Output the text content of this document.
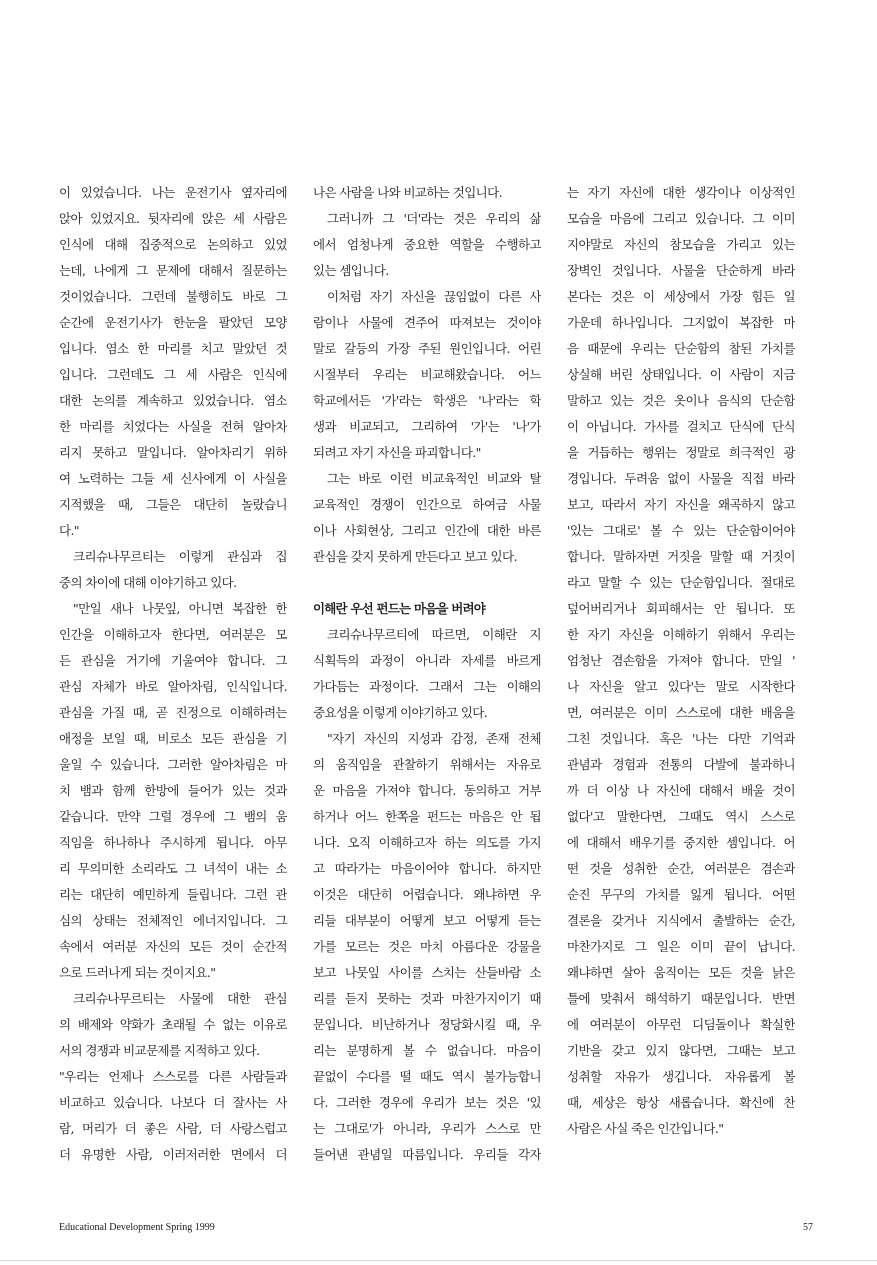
이 있었습니다. 나는 운전기사 옆자리에
앉아 있었지요. 뒷자리에 앉은 세 사람은
인식에 대해 집중적으로 논의하고 있었
는데, 나에게 그 문제에 대해서 질문하는
것이었습니다. 그런데 불행히도 바로 그
순간에 운전기사가 한눈을 팔았던 모양
입니다. 염소 한 마리를 치고 말았던 것
입니다. 그런데도 그 세 사람은 인식에
대한 논의를 계속하고 있었습니다. 염소
한 마리를 치었다는 사실을 전혀 알아차
리지 못하고 말입니다. 알아차리기 위하
여 노력하는 그들 세 신사에게 이 사실을
지적했을 때, 그들은 대단히 놀랐습니
다."
크리슈나무르티는 이렇게 관심과 집
중의 차이에 대해 이야기하고 있다.
"만일 새나 나뭇잎, 아니면 복잡한 한
인간을 이해하고자 한다면, 여러분은 모
든 관심을 거기에 기울여야 합니다. 그
관심 자체가 바로 알아차림, 인식입니다.
관심을 가질 때, 곧 진정으로 이해하려는
애정을 보일 때, 비로소 모든 관심을 기
울일 수 있습니다. 그러한 알아차림은 마
치 뱀과 함께 한방에 들어가 있는 것과
같습니다. 만약 그럴 경우에 그 뱀의 움
직임을 하나하나 주시하게 됩니다. 아무
리 무의미한 소리라도 그 녀석이 내는 소
리는 대단히 예민하게 들립니다. 그런 관
심의 상태는 전체적인 에너지입니다. 그
속에서 여러분 자신의 모든 것이 순간적
으로 드러나게 되는 것이지요."
크리슈나무르티는 사물에 대한 관심
의 배제와 약화가 초래될 수 없는 이유로
서의 경쟁과 비교문제를 지적하고 있다.
"우리는 언제나 스스로를 다른 사람들과
비교하고 있습니다. 나보다 더 잘사는 사
람, 머리가 더 좋은 사람, 더 사랑스럽고
더 유명한 사람, 이러저러한 면에서 더
나은 사람을 나와 비교하는 것입니다.
그러니까 그 '더'라는 것은 우리의 삶
에서 엄청나게 중요한 역할을 수행하고
있는 셈입니다.
이처럼 자기 자신을 끊임없이 다른 사
람이나 사물에 견주어 따져보는 것이야
말로 갈등의 가장 주된 원인입니다. 어린
시절부터 우리는 비교해왔습니다. 어느
학교에서든 '가'라는 학생은 '나'라는 학
생과 비교되고, 그리하여 '가'는 '나'가
되려고 자기 자신을 파괴합니다."
그는 바로 이런 비교육적인 비교와 탈
교육적인 경쟁이 인간으로 하여금 사물
이나 사회현상, 그리고 인간에 대한 바른
관심을 갖지 못하게 만든다고 보고 있다.
이해란 우선 펀드는 마음을 버려야
크리슈나무르티에 따르면, 이해란 지
식획득의 과정이 아니라 자세를 바르게
가다듬는 과정이다. 그래서 그는 이해의
중요성을 이렇게 이야기하고 있다.
"자기 자신의 지성과 감정, 존재 전체
의 움직임을 관찰하기 위해서는 자유로
운 마음을 가져야 합니다. 동의하고 거부
하거나 어느 한쪽을 펀드는 마음은 안 됩
니다. 오직 이해하고자 하는 의도를 가지
고 따라가는 마음이어야 합니다. 하지만
이것은 대단히 어렵습니다. 왜냐하면 우
리들 대부분이 어떻게 보고 어떻게 듣는
가를 모르는 것은 마치 아름다운 강물을
보고 나뭇잎 사이를 스치는 산들바람 소
리를 듣지 못하는 것과 마찬가지이기 때
문입니다. 비난하거나 정당화시킬 때, 우
리는 분명하게 볼 수 없습니다. 마음이
끝없이 수다를 떨 때도 역시 불가능합니
다. 그러한 경우에 우리가 보는 것은 '있
는 그대로'가 아니라, 우리가 스스로 만
들어낸 관념일 따름입니다. 우리들 각자
는 자기 자신에 대한 생각이나 이상적인
모습을 마음에 그리고 있습니다. 그 이미
지야말로 자신의 참모습을 가리고 있는
장벽인 것입니다. 사물을 단순하게 바라
본다는 것은 이 세상에서 가장 힘든 일
가운데 하나입니다. 그지없이 복잡한 마
음 때문에 우리는 단순함의 참된 가치를
상실해 버린 상태입니다. 이 사람이 지금
말하고 있는 것은 옷이나 음식의 단순함
이 아닙니다. 가사를 걸치고 단식에 단식
을 거듭하는 행위는 정말로 희극적인 광
경입니다. 두려움 없이 사물을 직접 바라
보고, 따라서 자기 자신을 왜곡하지 않고
'있는 그대로' 볼 수 있는 단순함이어야
합니다. 말하자면 거짓을 말할 때 거짓이
라고 말할 수 있는 단순함입니다. 절대로
덮어버리거나 회피해서는 안 됩니다. 또
한 자기 자신을 이해하기 위해서 우리는
엄청난 겸손함을 가져야 합니다. 만일 '
나 자신을 알고 있다'는 말로 시작한다
면, 여러분은 이미 스스로에 대한 배움을
그친 것입니다. 혹은 '나는 다만 기억과
관념과 경험과 전통의 다발에 불과하니
까 더 이상 나 자신에 대해서 배울 것이
없다'고 말한다면, 그때도 역시 스스로
에 대해서 배우기를 중지한 셈입니다. 어
떤 것을 성취한 순간, 여러분은 겸손과
순진 무구의 가치를 잃게 됩니다. 어떤
결론을 갖거나 지식에서 출발하는 순간,
마찬가지로 그 일은 이미 끝이 납니다.
왜냐하면 살아 움직이는 모든 것을 낡은
틀에 맞춰서 해석하기 때문입니다. 반면
에 여러분이 아무런 디딤돌이나 확실한
기반을 갖고 있지 않다면, 그때는 보고
성취할 자유가 생깁니다. 자유롭게 볼
때, 세상은 항상 새롭습니다. 확신에 찬
사람은 사실 죽은 인간입니다."
Educational Development Spring 1999	57
